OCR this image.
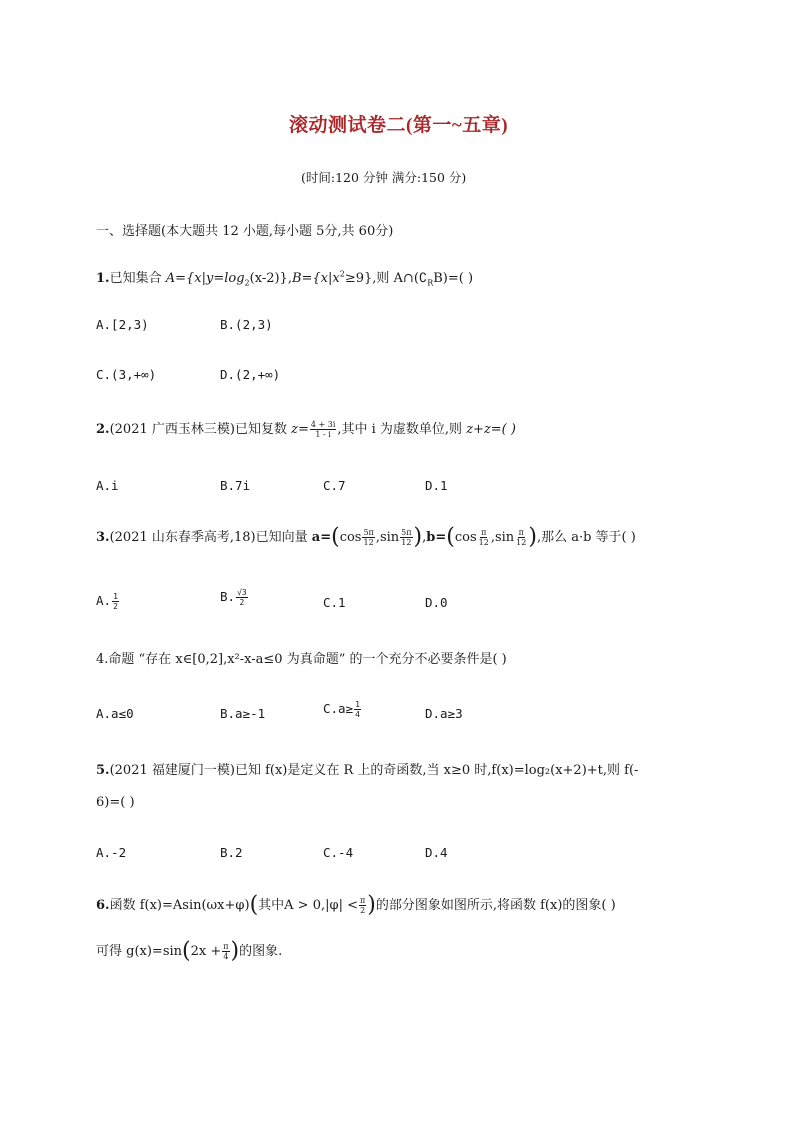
滚动测试卷二(第一~五章)
(时间:120 分钟 满分:150 分)
一、选择题(本大题共 12 小题,每小题 5分,共 60分)
1.已知集合 $A=\{x|y=\log_2(x-2)\},B=\{x|x^2\ge 9\}$,则 $A\cap(∁_RB)=$( )
A.[2,3)	B.(2,3)
C.(3,+∞)	D.(2,+∞)
2.(2021 广西玉林三模)已知复数 $z= \frac{4 + 3i}{1 - i}$ ,其中 i 为虚数单位,则 z+z=( )
A.i	B.7i	C.7	D.1
3.(2021 山东春季高考,18)已知向量 $a=(\cos \frac{5\pi}{12} ,\sin \frac{5\pi}{12} ),b=(\cos \frac{\pi}{12} ,\sin \frac{\pi}{12}$ ),那么 a·b 等于( )
A. $\frac{1}{2}$	B. $\frac{√3}{2}$	C.1	D.0
4.命题 “存在 x∈[0,2],x²-x-a≤0 为真命题” 的一个充分不必要条件是( )
A.a≤0	B.a≥-1	$C.a\ge \frac{1}{4}$	D.a≥3
5.(2021 福建厦门一模)已知 f(x)是定义在 R 上的奇函数,当 x≥0 时,f(x)=log₂(x+2)+t,则 f(-
6)=( )
A.-2	B.2	C.-4	D.4
6.函数 f(x)=Asin(ωx+φ)(其中$A > 0,|\varphi| < \frac{\pi}{2}$ )的部分图象如图所示,将函数 f(x)的图象( )
可得 $g(x)=\sin(2x + \frac{\pi}{4}$ )的图象.
